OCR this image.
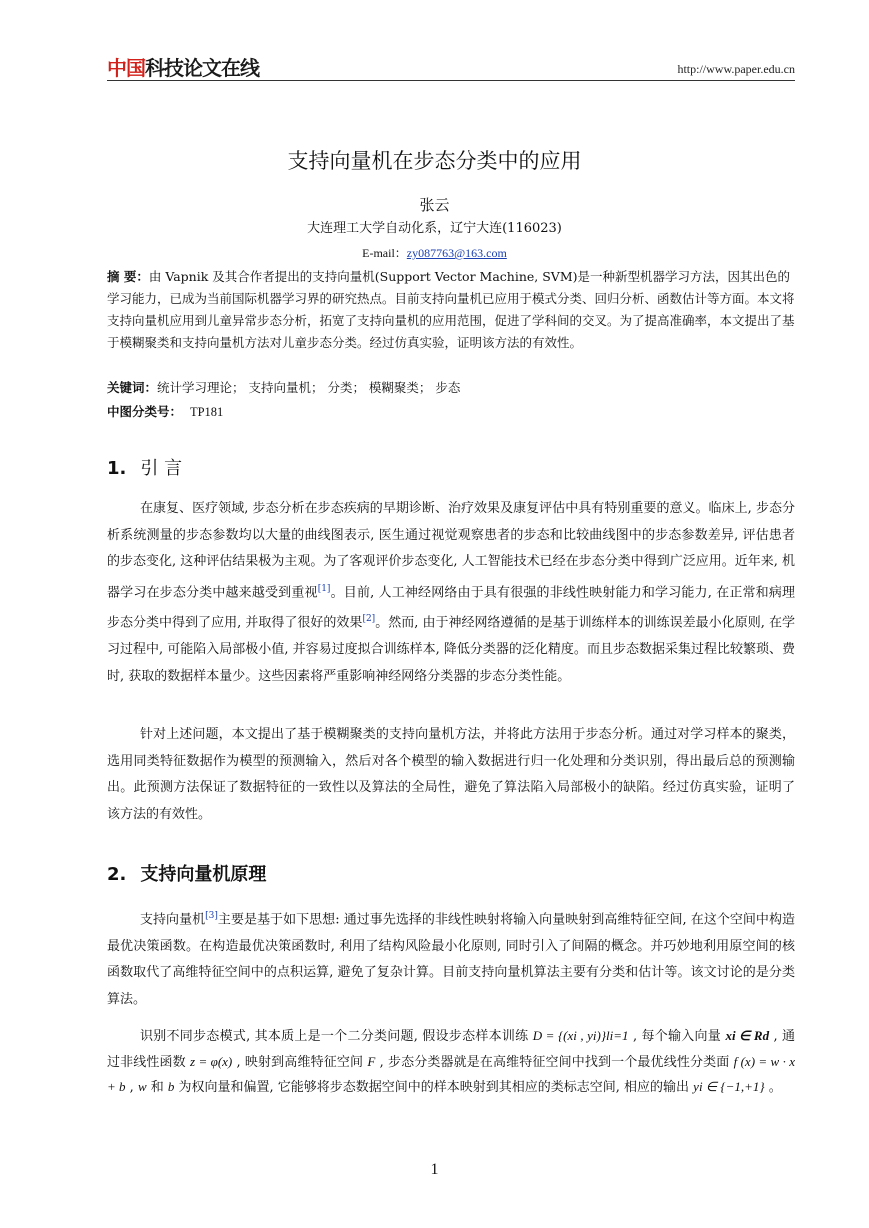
中国科技论文在线	http://www.paper.edu.cn
支持向量机在步态分类中的应用
张云
大连理工大学自动化系，辽宁大连(116023)
E-mail：zy087763@163.com
摘 要：由 Vapnik 及其合作者提出的支持向量机(Support Vector Machine, SVM)是一种新型机器学习方法，因其出色的学习能力，已成为当前国际机器学习界的研究热点。目前支持向量机已应用于模式分类、回归分析、函数估计等方面。本文将支持向量机应用到儿童异常步态分析，拓宽了支持向量机的应用范围，促进了学科间的交叉。为了提高准确率，本文提出了基于模糊聚类和支持向量机方法对儿童步态分类。经过仿真实验，证明该方法的有效性。
关键词：统计学习理论； 支持向量机； 分类； 模糊聚类； 步态
中图分类号： TP181
1. 引 言

在康复、医疗领域, 步态分析在步态疾病的早期诊断、治疗效果及康复评估中具有特别重要的意义。临床上, 步态分析系统测量的步态参数均以大量的曲线图表示, 医生通过视觉观察患者的步态和比较曲线图中的步态参数差异, 评估患者的步态变化, 这种评估结果极为主观。为了客观评价步态变化, 人工智能技术已经在步态分类中得到广泛应用。近年来, 机器学习在步态分类中越来越受到重视[1]。目前, 人工神经网络由于具有很强的非线性映射能力和学习能力, 在正常和病理步态分类中得到了应用, 并取得了很好的效果[2]。然而, 由于神经网络遵循的是基于训练样本的训练误差最小化原则, 在学习过程中, 可能陷入局部极小值, 并容易过度拟合训练样本, 降低分类器的泛化精度。而且步态数据采集过程比较繁琐、费时, 获取的数据样本量少。这些因素将严重影响神经网络分类器的步态分类性能。

针对上述问题，本文提出了基于模糊聚类的支持向量机方法，并将此方法用于步态分析。通过对学习样本的聚类，选用同类特征数据作为模型的预测输入，然后对各个模型的输入数据进行归一化处理和分类识别，得出最后总的预测输出。此预测方法保证了数据特征的一致性以及算法的全局性，避免了算法陷入局部极小的缺陷。经过仿真实验，证明了该方法的有效性。

2. 支持向量机原理

支持向量机[3]主要是基于如下思想: 通过事先选择的非线性映射将输入向量映射到高维特征空间, 在这个空间中构造最优决策函数。在构造最优决策函数时, 利用了结构风险最小化原则, 同时引入了间隔的概念。并巧妙地利用原空间的核函数取代了高维特征空间中的点积运算, 避免了复杂计算。目前支持向量机算法主要有分类和估计等。该文讨论的是分类算法。

识别不同步态模式, 其本质上是一个二分类问题, 假设步态样本训练 D = {(xi , yi)}li=1 , 每个输入向量 xi ∈ Rd , 通过非线性函数 z = φ(x) , 映射到高维特征空间 F , 步态分类器就是在高维特征空间中找到一个最优线性分类面 f (x) = w · x + b , w 和 b 为权向量和偏置, 它能够将步态数据空间中的样本映射到其相应的类标志空间, 相应的输出 yi ∈ {−1,+1} 。

1
